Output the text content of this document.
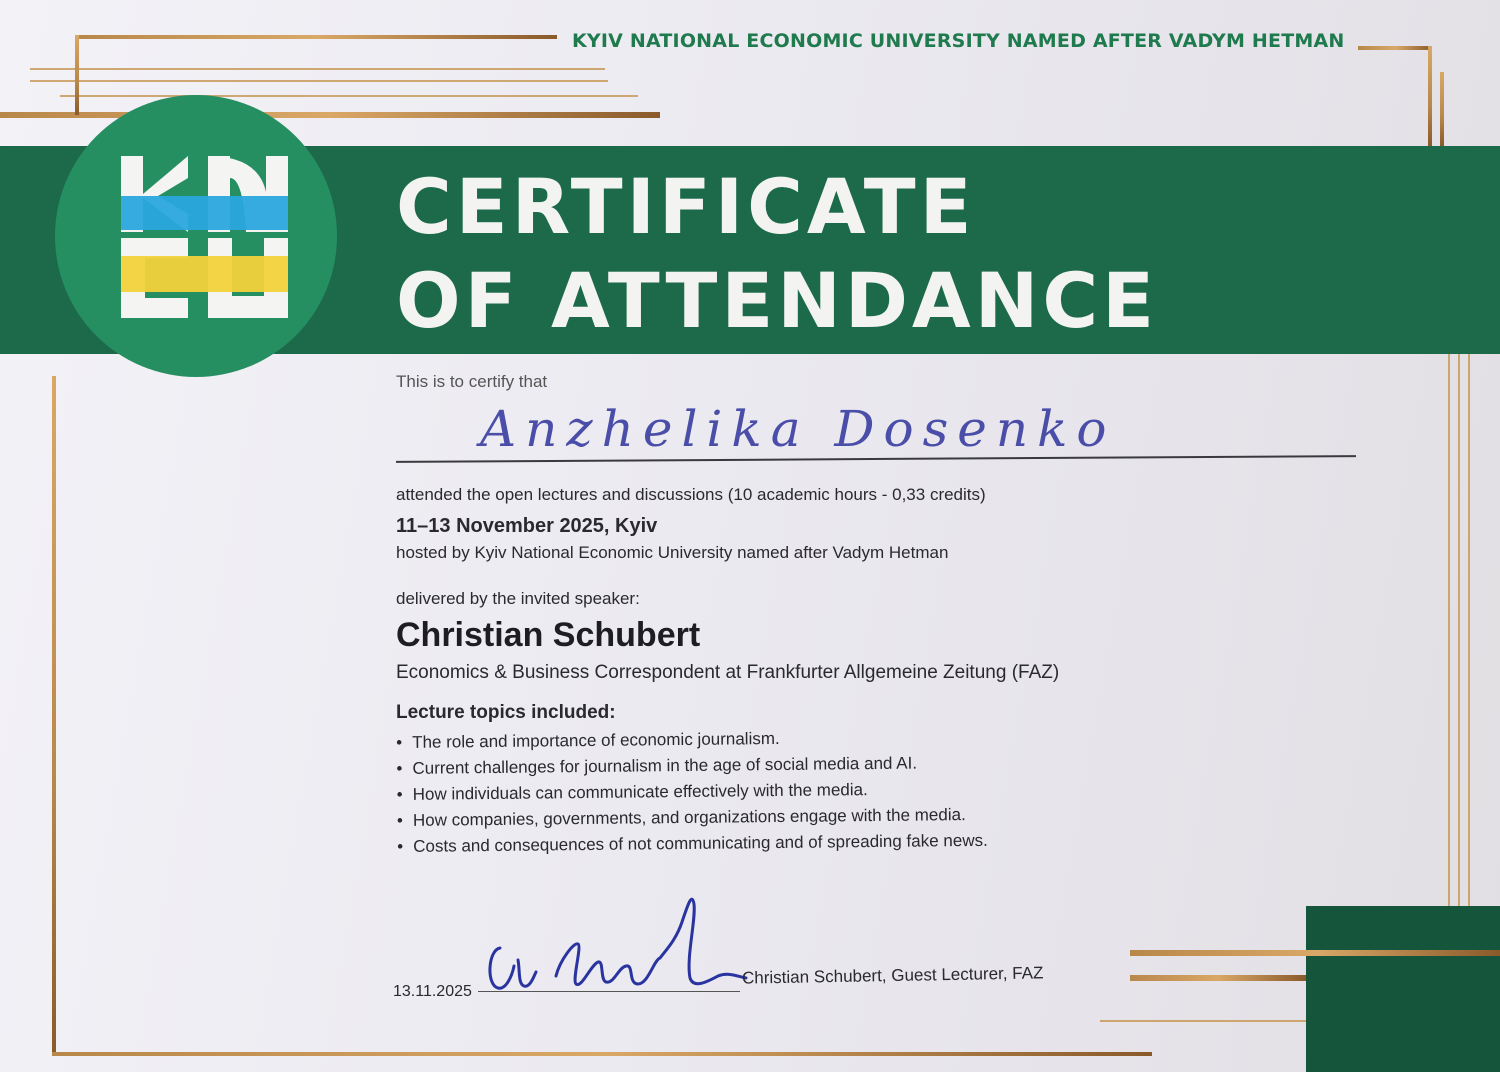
KYIV NATIONAL ECONOMIC UNIVERSITY NAMED AFTER VADYM HETMAN
CERTIFICATE
OF ATTENDANCE
This is to certify that
Anzhelika Dosenko
attended the open lectures and discussions (10 academic hours - 0,33 credits)
11–13 November 2025, Kyiv
hosted by Kyiv National Economic University named after Vadym Hetman
delivered by the invited speaker:
Christian Schubert
Economics & Business Correspondent at Frankfurter Allgemeine Zeitung (FAZ)
Lecture topics included:
• The role and importance of economic journalism.
• Current challenges for journalism in the age of social media and AI.
• How individuals can communicate effectively with the media.
• How companies, governments, and organizations engage with the media.
• Costs and consequences of not communicating and of spreading fake news.
13.11.2025
Christian Schubert, Guest Lecturer, FAZ
